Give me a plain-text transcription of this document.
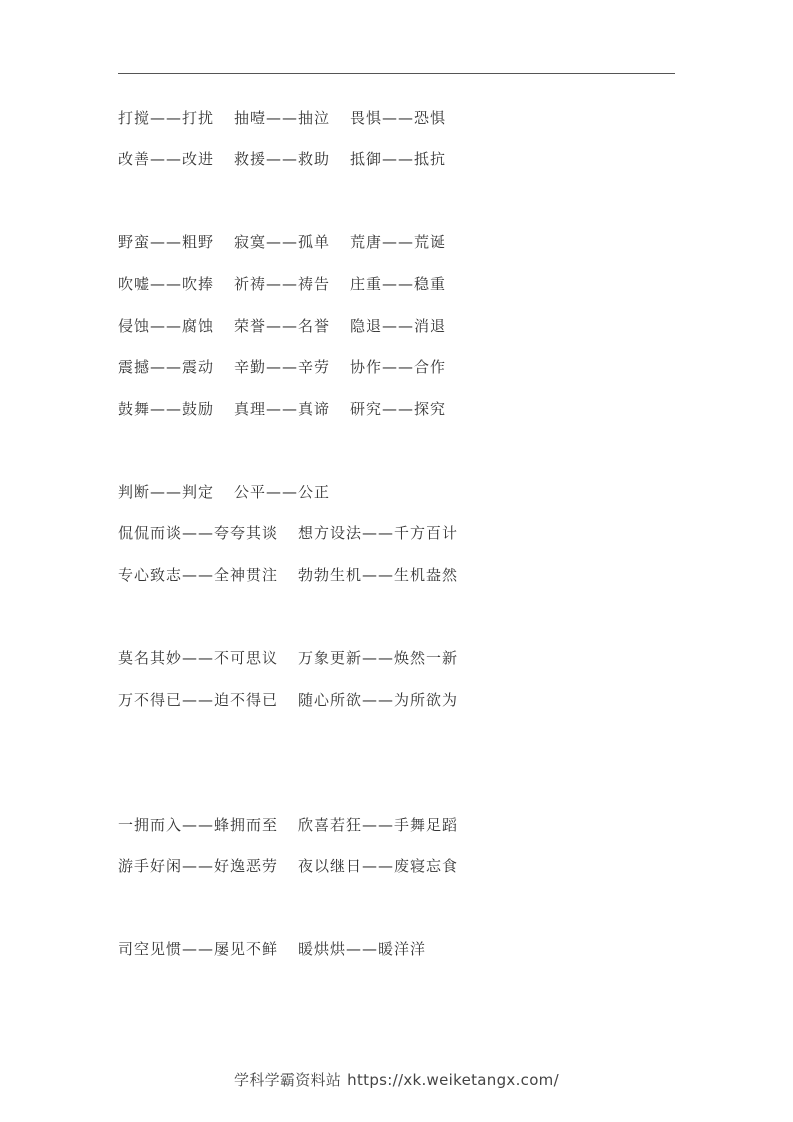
打搅——打扰 抽噎——抽泣 畏惧——恐惧
改善——改进 救援——救助 抵御——抵抗
野蛮——粗野 寂寞——孤单 荒唐——荒诞
吹嘘——吹捧 祈祷——祷告 庄重——稳重
侵蚀——腐蚀 荣誉——名誉 隐退——消退
震撼——震动 辛勤——辛劳 协作——合作
鼓舞——鼓励 真理——真谛 研究——探究
判断——判定 公平——公正
侃侃而谈——夸夸其谈 想方设法——千方百计
专心致志——全神贯注 勃勃生机——生机盎然
莫名其妙——不可思议 万象更新——焕然一新
万不得已——迫不得已 随心所欲——为所欲为
一拥而入——蜂拥而至 欣喜若狂——手舞足蹈
游手好闲——好逸恶劳 夜以继日——废寝忘食
司空见惯——屡见不鲜 暖烘烘——暖洋洋
学科学霸资料站 https://xk.weiketangx.com/
